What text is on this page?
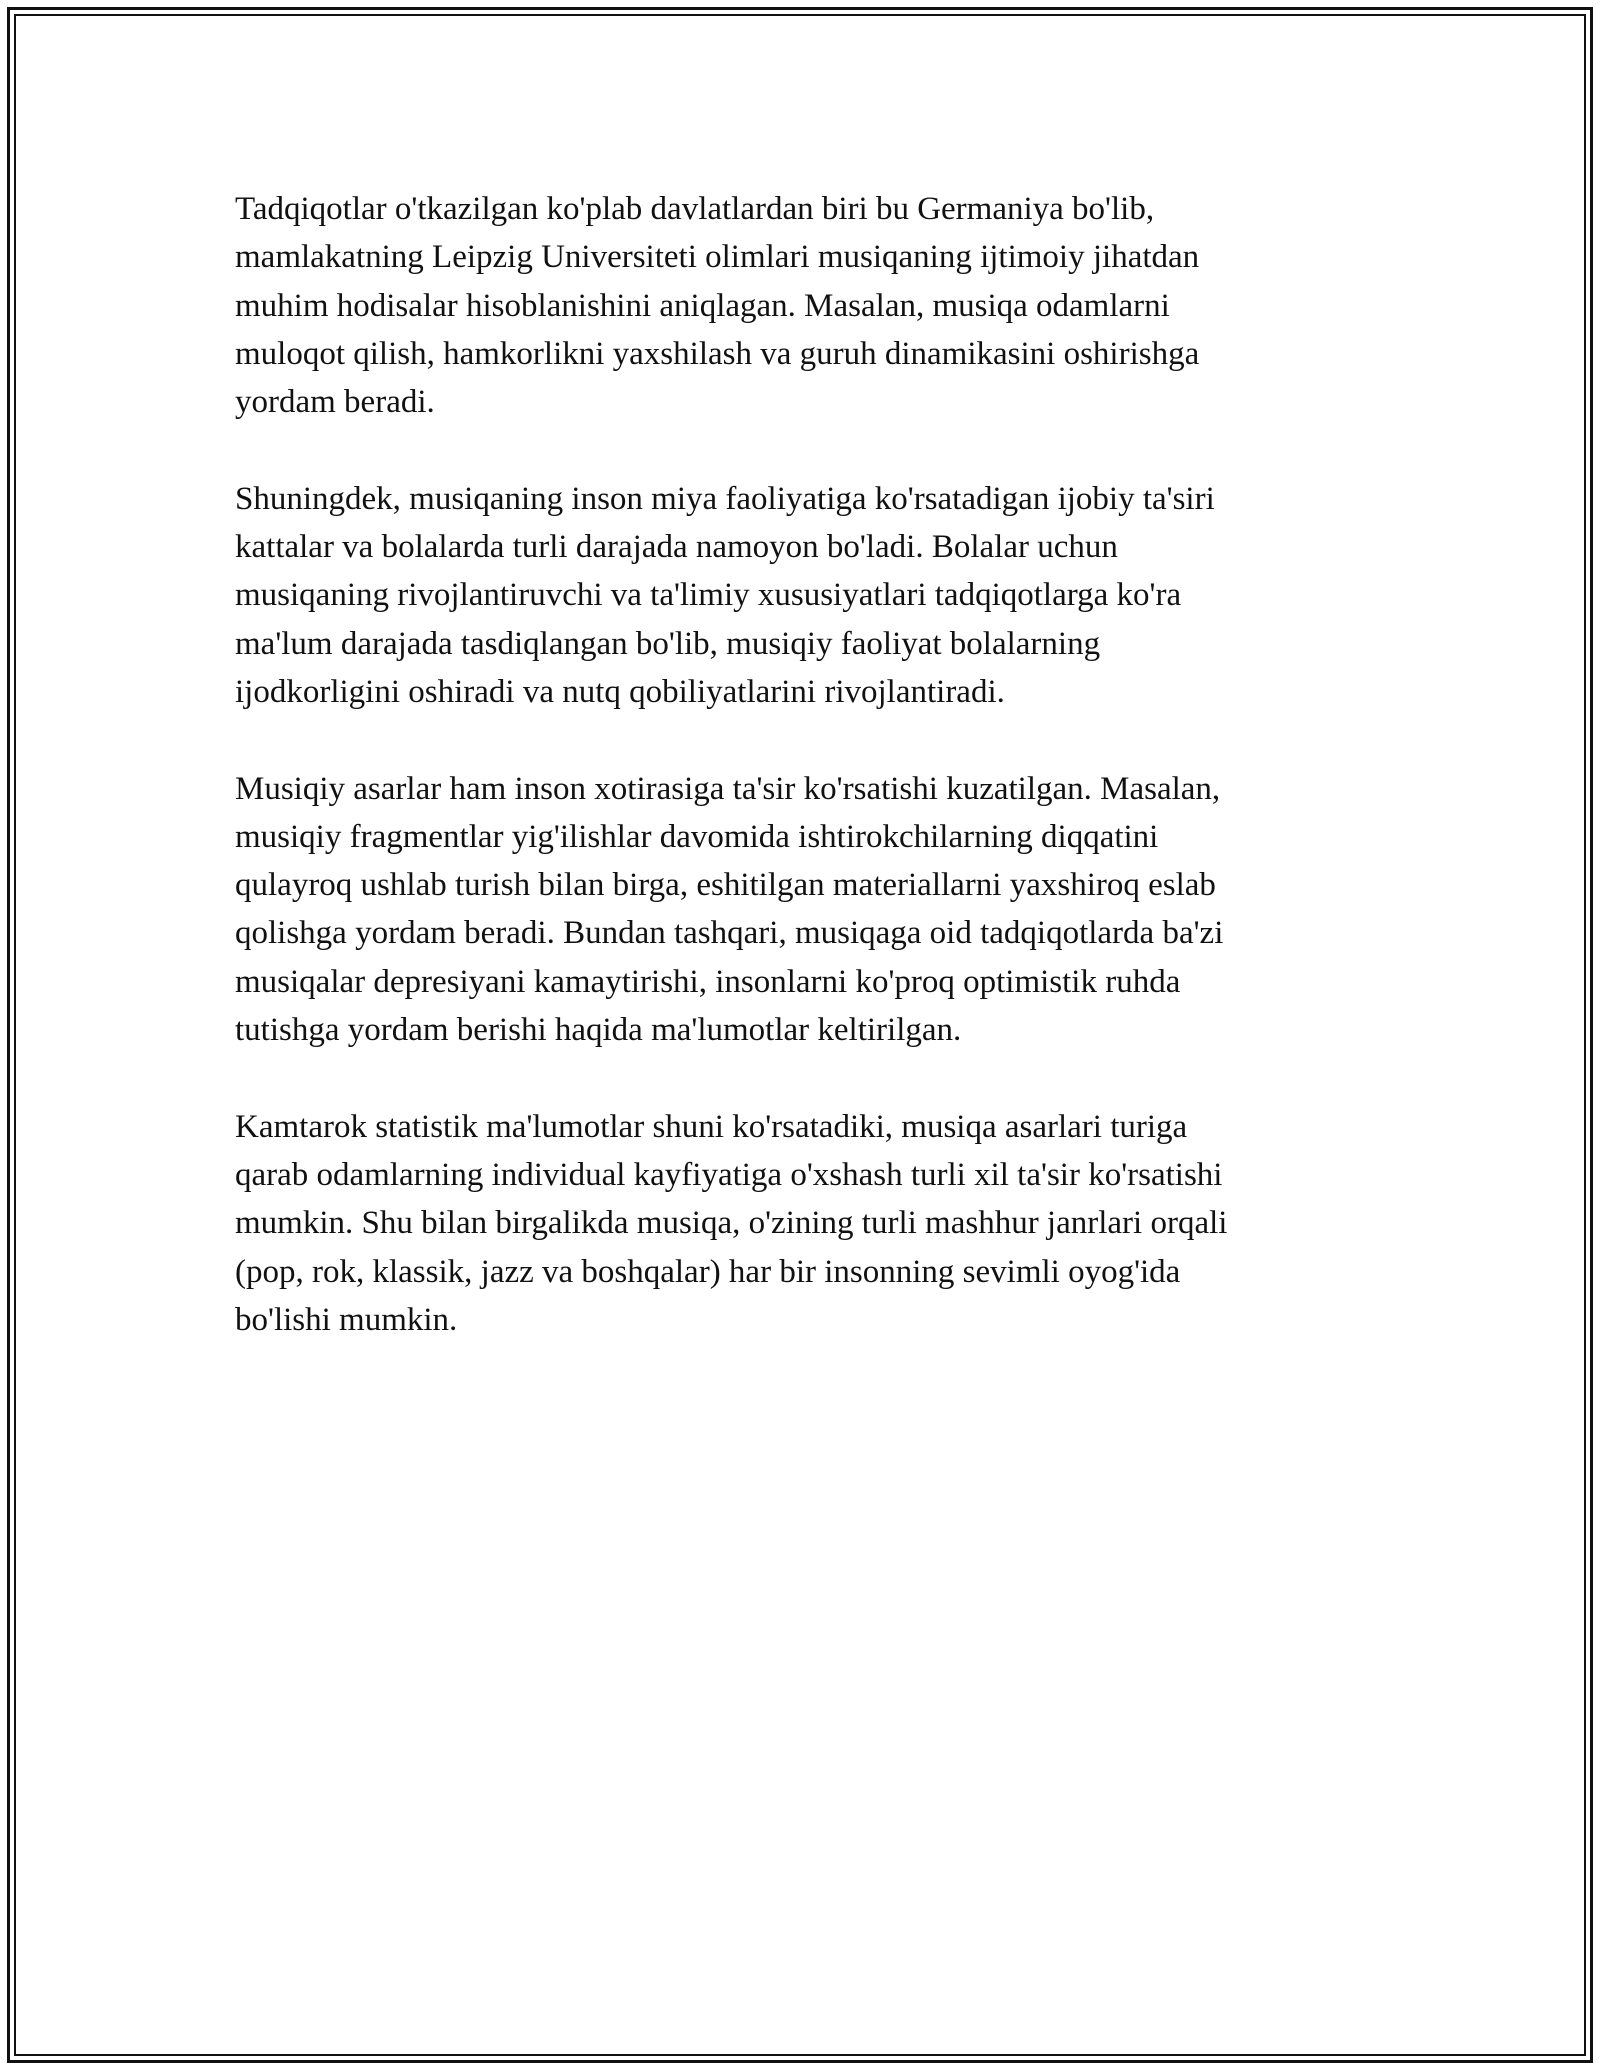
Tadqiqotlar o'tkazilgan ko'plab davlatlardan biri bu Germaniya bo'lib,
mamlakatning Leipzig Universiteti olimlari musiqaning ijtimoiy jihatdan
muhim hodisalar hisoblanishini aniqlagan. Masalan, musiqa odamlarni
muloqot qilish, hamkorlikni yaxshilash va guruh dinamikasini oshirishga
yordam beradi.

Shuningdek, musiqaning inson miya faoliyatiga ko'rsatadigan ijobiy ta'siri
kattalar va bolalarda turli darajada namoyon bo'ladi. Bolalar uchun
musiqaning rivojlantiruvchi va ta'limiy xususiyatlari tadqiqotlarga ko'ra
ma'lum darajada tasdiqlangan bo'lib, musiqiy faoliyat bolalarning
ijodkorligini oshiradi va nutq qobiliyatlarini rivojlantiradi.

Musiqiy asarlar ham inson xotirasiga ta'sir ko'rsatishi kuzatilgan. Masalan,
musiqiy fragmentlar yig'ilishlar davomida ishtirokchilarning diqqatini
qulayroq ushlab turish bilan birga, eshitilgan materiallarni yaxshiroq eslab
qolishga yordam beradi. Bundan tashqari, musiqaga oid tadqiqotlarda ba'zi
musiqalar depresiyani kamaytirishi, insonlarni ko'proq optimistik ruhda
tutishga yordam berishi haqida ma'lumotlar keltirilgan.

Kamtarok statistik ma'lumotlar shuni ko'rsatadiki, musiqa asarlari turiga
qarab odamlarning individual kayfiyatiga o'xshash turli xil ta'sir ko'rsatishi
mumkin. Shu bilan birgalikda musiqa, o'zining turli mashhur janrlari orqali
(pop, rok, klassik, jazz va boshqalar) har bir insonning sevimli oyog'ida
bo'lishi mumkin.
